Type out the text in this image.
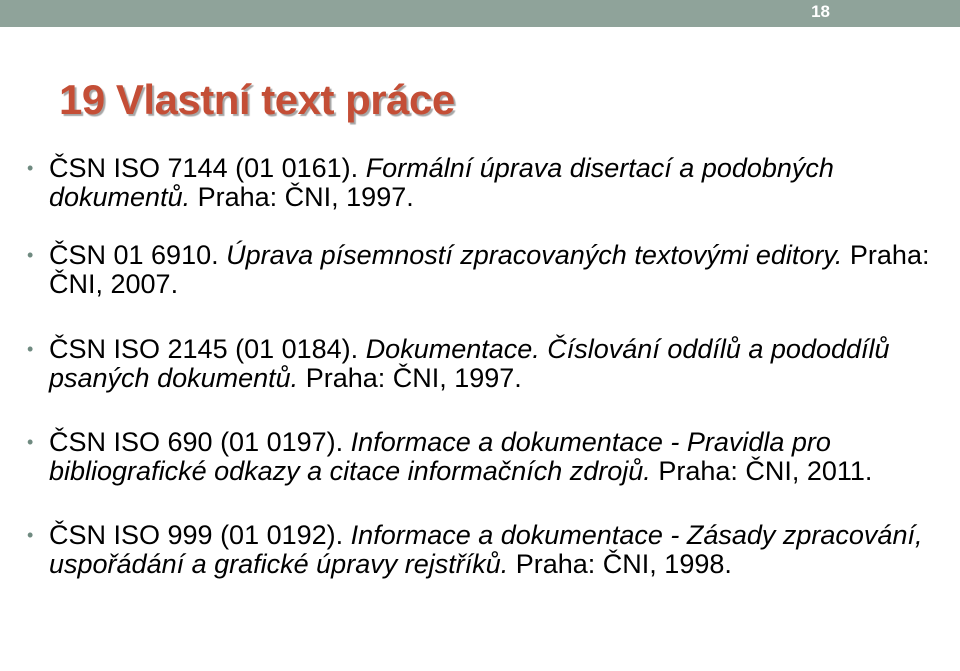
18
19 Vlastní text práce
• ČSN ISO 7144 (01 0161). Formální úprava disertací a podobných dokumentů. Praha: ČNI, 1997.
• ČSN 01 6910. Úprava písemností zpracovaných textovými editory. Praha: ČNI, 2007.
• ČSN ISO 2145 (01 0184). Dokumentace. Číslování oddílů a pododdílů psaných dokumentů. Praha: ČNI, 1997.
• ČSN ISO 690 (01 0197). Informace a dokumentace - Pravidla pro bibliografické odkazy a citace informačních zdrojů. Praha: ČNI, 2011.
• ČSN ISO 999 (01 0192). Informace a dokumentace - Zásady zpracování, uspořádání a grafické úpravy rejstříků. Praha: ČNI, 1998.
